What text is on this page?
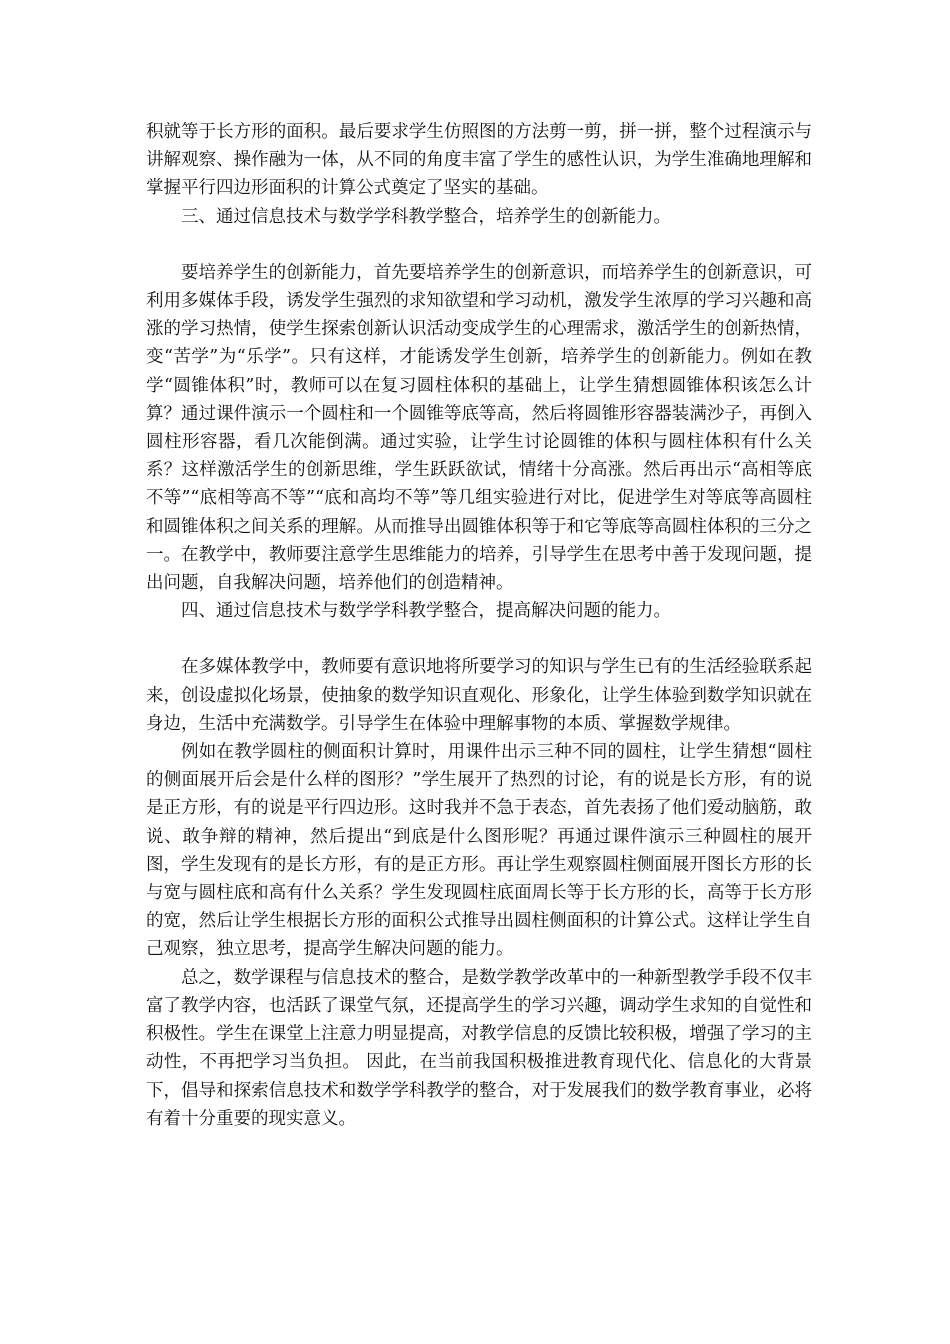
积就等于长方形的面积。最后要求学生仿照图的方法剪一剪，拼一拼，整个过程演示与讲解观察、操作融为一体，从不同的角度丰富了学生的感性认识，为学生准确地理解和掌握平行四边形面积的计算公式奠定了坚实的基础。

三、通过信息技术与数学学科教学整合，培养学生的创新能力。

要培养学生的创新能力，首先要培养学生的创新意识，而培养学生的创新意识，可利用多媒体手段，诱发学生强烈的求知欲望和学习动机，激发学生浓厚的学习兴趣和高涨的学习热情，使学生探索创新认识活动变成学生的心理需求，激活学生的创新热情，变“苦学”为“乐学”。只有这样，才能诱发学生创新，培养学生的创新能力。例如在教学“圆锥体积”时，教师可以在复习圆柱体积的基础上，让学生猜想圆锥体积该怎么计算？通过课件演示一个圆柱和一个圆锥等底等高，然后将圆锥形容器装满沙子，再倒入圆柱形容器，看几次能倒满。通过实验，让学生讨论圆锥的体积与圆柱体积有什么关系？这样激活学生的创新思维，学生跃跃欲试，情绪十分高涨。然后再出示“高相等底不等”“底相等高不等”“底和高均不等”等几组实验进行对比，促进学生对等底等高圆柱和圆锥体积之间关系的理解。从而推导出圆锥体积等于和它等底等高圆柱体积的三分之一。在教学中，教师要注意学生思维能力的培养，引导学生在思考中善于发现问题，提出问题，自我解决问题，培养他们的创造精神。

四、通过信息技术与数学学科教学整合，提高解决问题的能力。

在多媒体教学中，教师要有意识地将所要学习的知识与学生已有的生活经验联系起来，创设虚拟化场景，使抽象的数学知识直观化、形象化，让学生体验到数学知识就在身边，生活中充满数学。引导学生在体验中理解事物的本质、掌握数学规律。

例如在教学圆柱的侧面积计算时，用课件出示三种不同的圆柱，让学生猜想“圆柱的侧面展开后会是什么样的图形？”学生展开了热烈的讨论，有的说是长方形，有的说是正方形，有的说是平行四边形。这时我并不急于表态，首先表扬了他们爱动脑筋，敢说、敢争辩的精神，然后提出“到底是什么图形呢？再通过课件演示三种圆柱的展开图，学生发现有的是长方形，有的是正方形。再让学生观察圆柱侧面展开图长方形的长与宽与圆柱底和高有什么关系？学生发现圆柱底面周长等于长方形的长，高等于长方形的宽，然后让学生根据长方形的面积公式推导出圆柱侧面积的计算公式。这样让学生自己观察，独立思考，提高学生解决问题的能力。

总之，数学课程与信息技术的整合，是数学教学改革中的一种新型教学手段不仅丰富了教学内容，也活跃了课堂气氛，还提高学生的学习兴趣，调动学生求知的自觉性和积极性。学生在课堂上注意力明显提高，对教学信息的反馈比较积极，增强了学习的主动性，不再把学习当负担。 因此，在当前我国积极推进教育现代化、信息化的大背景下，倡导和探索信息技术和数学学科教学的整合，对于发展我们的数学教育事业，必将有着十分重要的现实意义。
